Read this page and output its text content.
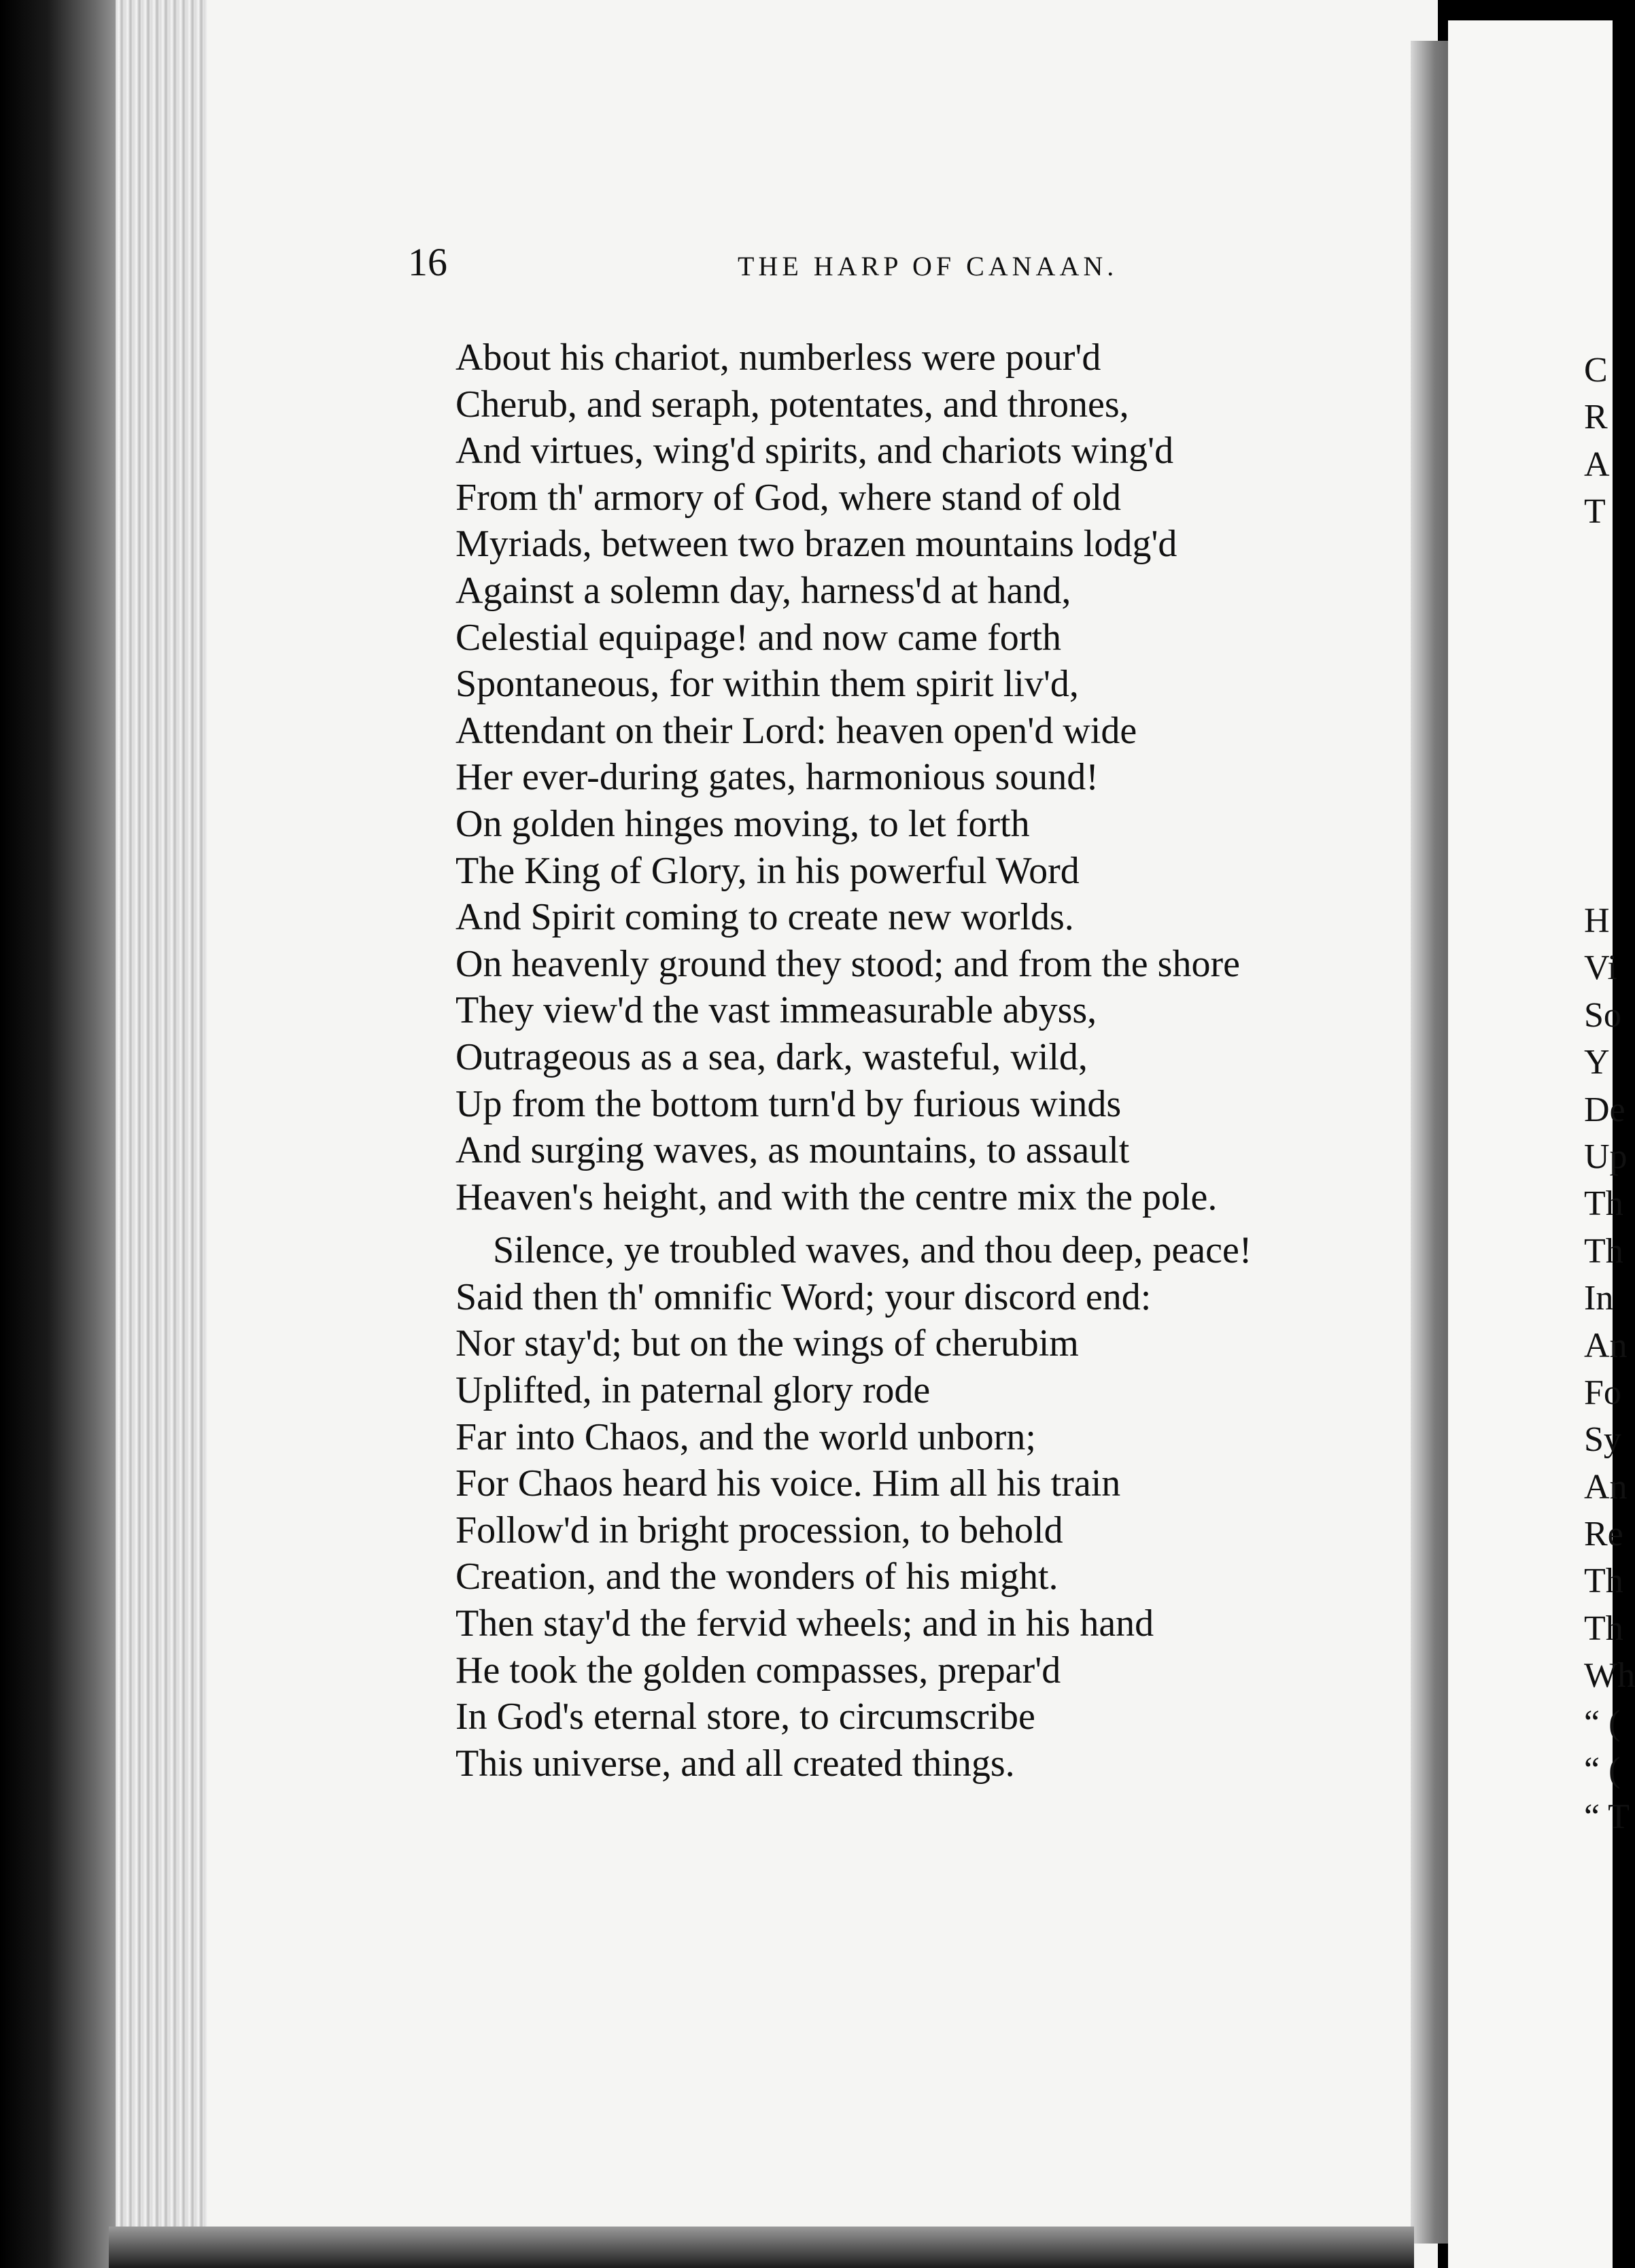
16	THE HARP OF CANAAN.
About his chariot, numberless were pour'd
Cherub, and seraph, potentates, and thrones,
And virtues, wing'd spirits, and chariots wing'd
From th' armory of God, where stand of old
Myriads, between two brazen mountains lodg'd
Against a solemn day, harness'd at hand,
Celestial equipage! and now came forth
Spontaneous, for within them spirit liv'd,
Attendant on their Lord: heaven open'd wide
Her ever-during gates, harmonious sound!
On golden hinges moving, to let forth
The King of Glory, in his powerful Word
And Spirit coming to create new worlds.
On heavenly ground they stood; and from the shore
They view'd the vast immeasurable abyss,
Outrageous as a sea, dark, wasteful, wild,
Up from the bottom turn'd by furious winds
And surging waves, as mountains, to assault
Heaven's height, and with the centre mix the pole.
Silence, ye troubled waves, and thou deep, peace!
Said then th' omnific Word; your discord end:
Nor stay'd; but on the wings of cherubim
Uplifted, in paternal glory rode
Far into Chaos, and the world unborn;
For Chaos heard his voice. Him all his train
Follow'd in bright procession, to behold
Creation, and the wonders of his might.
Then stay'd the fervid wheels; and in his hand
He took the golden compasses, prepar'd
In God's eternal store, to circumscribe
This universe, and all created things.
C
R
A
T
H
Vi
So
Y
De
Up
Th
Th
In
An
Fo
Sy
An
Re
Th
Th
Wh
“ (
“ (
“ T
